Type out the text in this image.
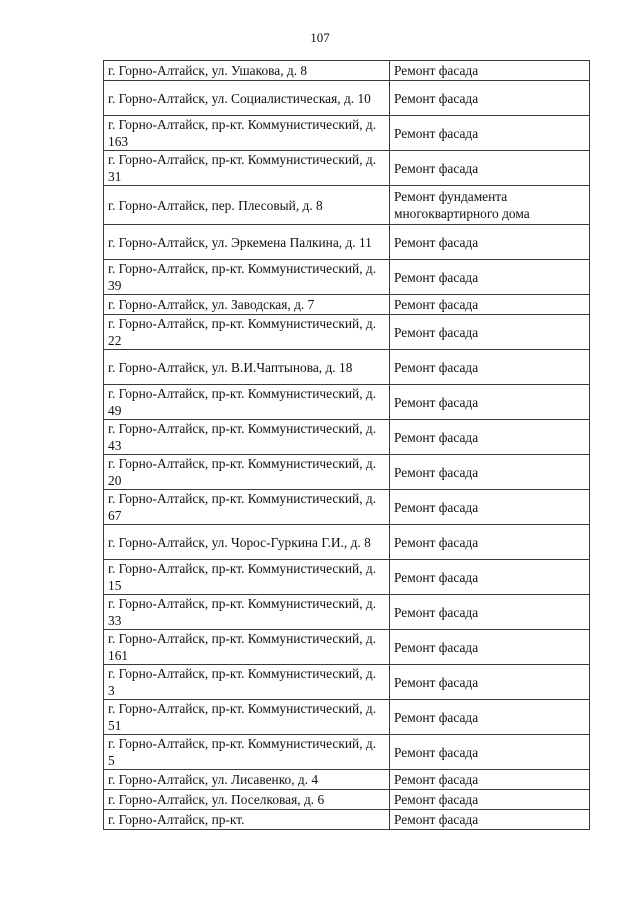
107
г. Горно-Алтайск, ул. Ушакова, д. 8	Ремонт фасада
г. Горно-Алтайск, ул. Социалистическая, д. 10	Ремонт фасада
г. Горно-Алтайск, пр-кт. Коммунистический, д. 163	Ремонт фасада
г. Горно-Алтайск, пр-кт. Коммунистический, д. 31	Ремонт фасада
г. Горно-Алтайск, пер. Плесовый, д. 8	Ремонт фундамента многоквартирного дома
г. Горно-Алтайск, ул. Эркемена Палкина, д. 11	Ремонт фасада
г. Горно-Алтайск, пр-кт. Коммунистический, д. 39	Ремонт фасада
г. Горно-Алтайск, ул. Заводская, д. 7	Ремонт фасада
г. Горно-Алтайск, пр-кт. Коммунистический, д. 22	Ремонт фасада
г. Горно-Алтайск, ул. В.И.Чаптынова, д. 18	Ремонт фасада
г. Горно-Алтайск, пр-кт. Коммунистический, д. 49	Ремонт фасада
г. Горно-Алтайск, пр-кт. Коммунистический, д. 43	Ремонт фасада
г. Горно-Алтайск, пр-кт. Коммунистический, д. 20	Ремонт фасада
г. Горно-Алтайск, пр-кт. Коммунистический, д. 67	Ремонт фасада
г. Горно-Алтайск, ул. Чорос-Гуркина Г.И., д. 8	Ремонт фасада
г. Горно-Алтайск, пр-кт. Коммунистический, д. 15	Ремонт фасада
г. Горно-Алтайск, пр-кт. Коммунистический, д. 33	Ремонт фасада
г. Горно-Алтайск, пр-кт. Коммунистический, д. 161	Ремонт фасада
г. Горно-Алтайск, пр-кт. Коммунистический, д. 3	Ремонт фасада
г. Горно-Алтайск, пр-кт. Коммунистический, д. 51	Ремонт фасада
г. Горно-Алтайск, пр-кт. Коммунистический, д. 5	Ремонт фасада
г. Горно-Алтайск, ул. Лисавенко, д. 4	Ремонт фасада
г. Горно-Алтайск, ул. Поселковая, д. 6	Ремонт фасада
г. Горно-Алтайск, пр-кт.	Ремонт фасада
